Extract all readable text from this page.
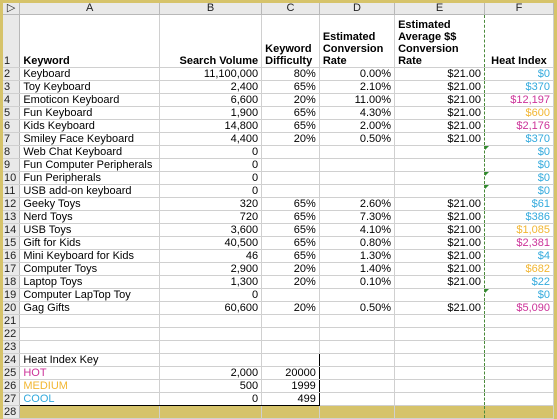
▷	A	B	C	D	E	F
1	Keyword	Search Volume	Keyword Difficulty	Estimated Conversion Rate	Estimated Average $$ Conversion Rate	Heat Index
2	Keyboard	11,100,000	80%	0.00%	$21.00	$0
3	Toy Keyboard	2,400	65%	2.10%	$21.00	$370
4	Emoticon Keyboard	6,600	20%	11.00%	$21.00	$12,197
5	Fun Keyboard	1,900	65%	4.30%	$21.00	$600
6	Kids Keyboard	14,800	65%	2.00%	$21.00	$2,176
7	Smiley Face Keyboard	4,400	20%	0.50%	$21.00	$370
8	Web Chat Keyboard	0				$0
9	Fun Computer Peripherals	0				$0
10	Fun Peripherals	0				$0
11	USB add-on keyboard	0				$0
12	Geeky Toys	320	65%	2.60%	$21.00	$61
13	Nerd Toys	720	65%	7.30%	$21.00	$386
14	USB Toys	3,600	65%	4.10%	$21.00	$1,085
15	Gift for Kids	40,500	65%	0.80%	$21.00	$2,381
16	Mini Keyboard for Kids	46	65%	1.30%	$21.00	$4
17	Computer Toys	2,900	20%	1.40%	$21.00	$682
18	Laptop Toys	1,300	20%	0.10%	$21.00	$22
19	Computer LapTop Toy	0				$0
20	Gag Gifts	60,600	20%	0.50%	$21.00	$5,090
21						
22						
23						
24	Heat Index Key					
25	HOT	2,000	20000			
26	MEDIUM	500	1999			
27	COOL	0	499			
28						
